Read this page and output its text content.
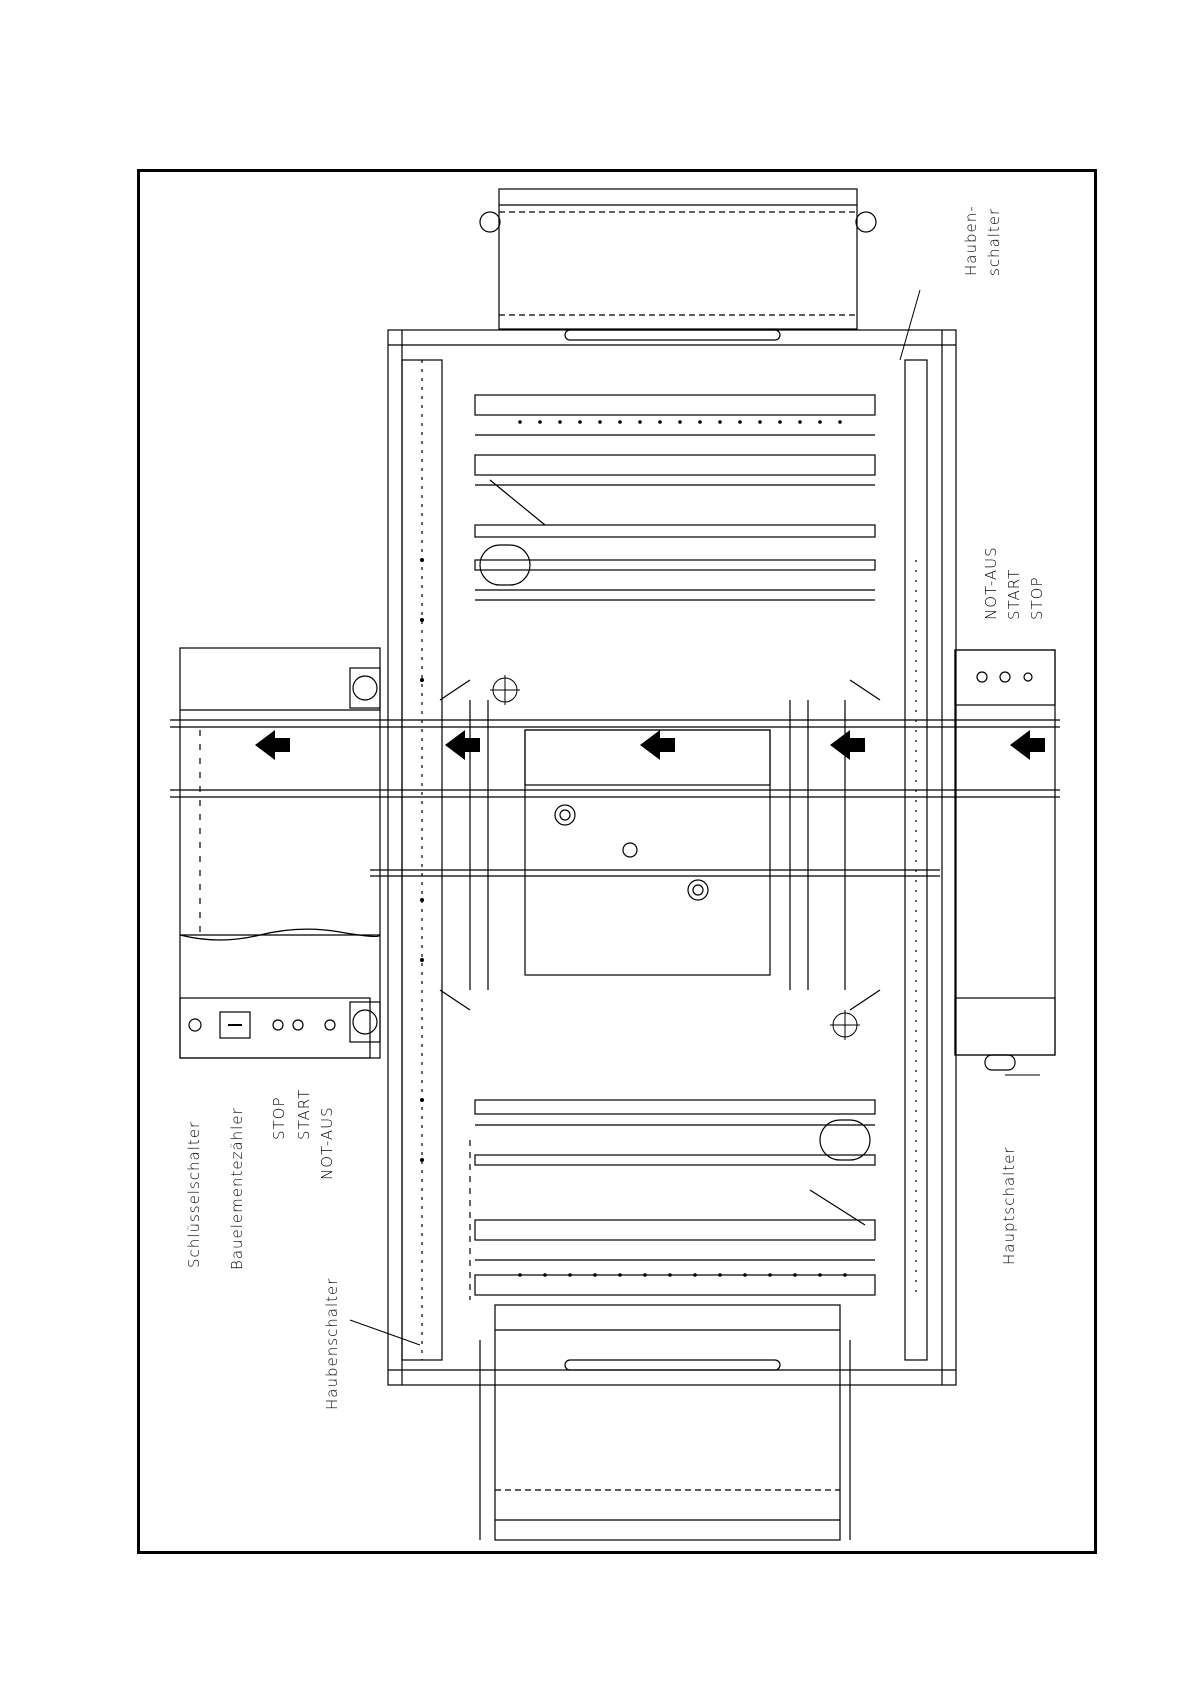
Hauben- schalter
NOT-AUS START STOP
Schlüsselschalter Bauelementezähler STOP START NOT-AUS
Haubenschalter
Hauptschalter
